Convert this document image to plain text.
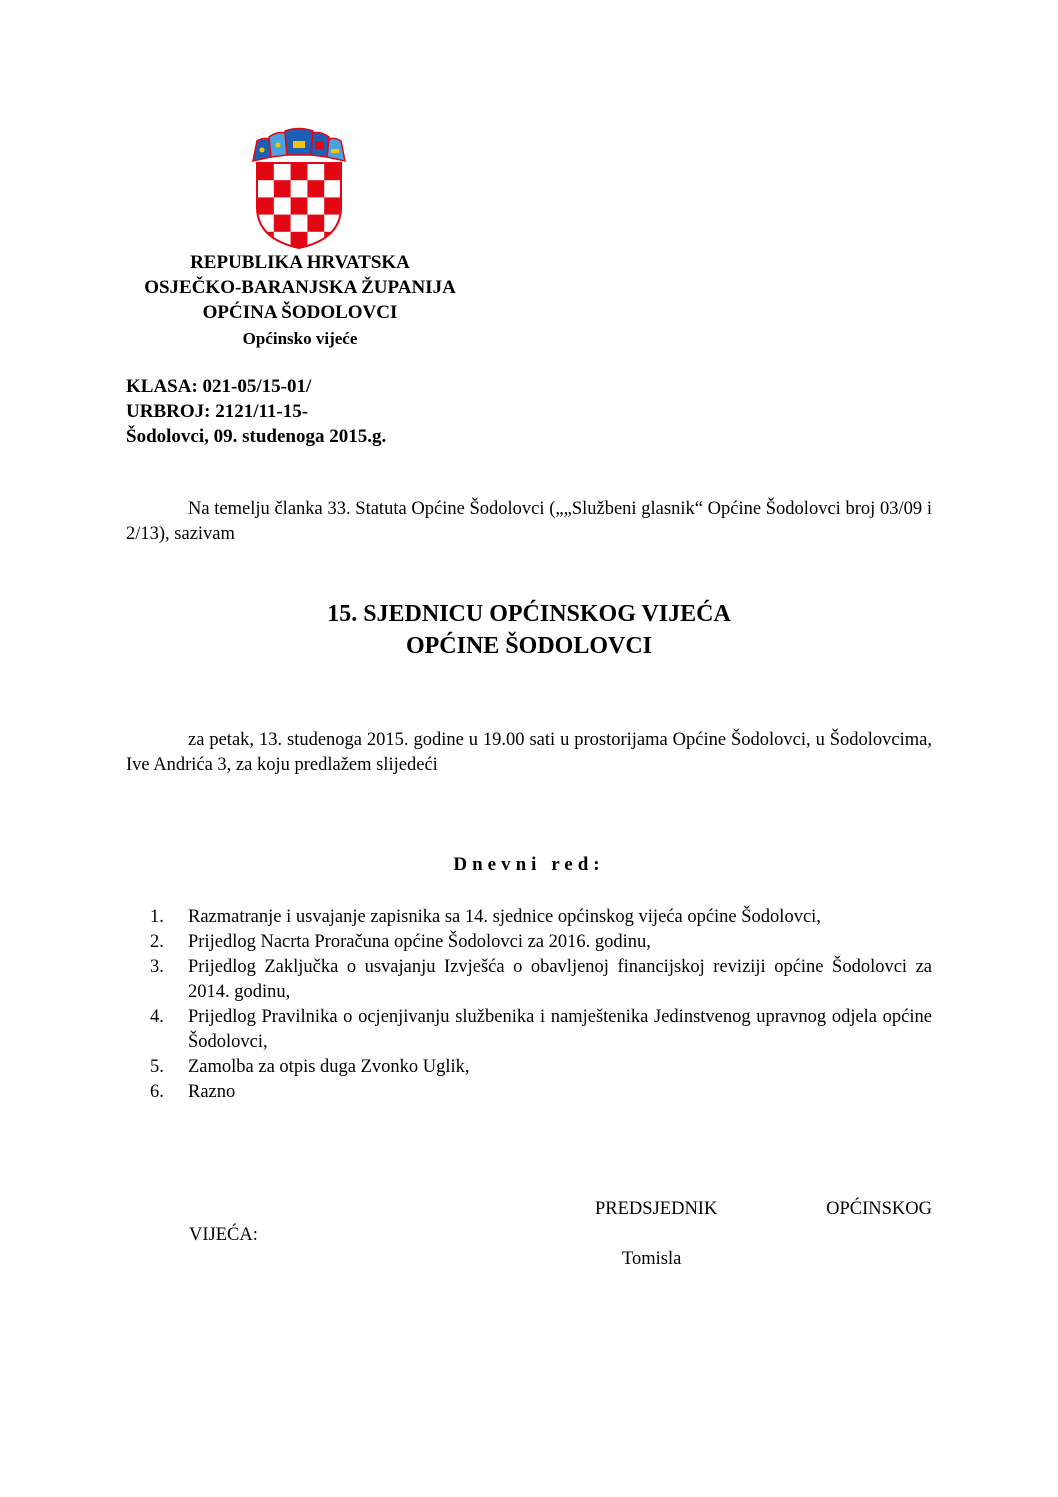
REPUBLIKA HRVATSKA
OSJEČKO-BARANJSKA ŽUPANIJA
OPĆINA ŠODOLOVCI
Općinsko vijeće
KLASA: 021-05/15-01/
URBROJ: 2121/11-15-
Šodolovci, 09. studenoga 2015.g.
Na temelju članka 33. Statuta Općine Šodolovci („„Službeni glasnik“ Općine Šodolovci broj 03/09 i 2/13), sazivam
15. SJEDNICU OPĆINSKOG VIJEĆA
OPĆINE ŠODOLOVCI
za petak, 13. studenoga 2015. godine u 19.00 sati u prostorijama Općine Šodolovci, u Šodolovcima, Ive Andrića 3, za koju predlažem slijedeći
Dnevni red:
1.	Razmatranje i usvajanje zapisnika sa 14. sjednice općinskog vijeća općine Šodolovci,
2.	Prijedlog Nacrta Proračuna općine Šodolovci za 2016. godinu,
3.	Prijedlog Zaključka o usvajanju Izvješća o obavljenoj financijskoj reviziji općine Šodolovci za 2014. godinu,
4.	Prijedlog Pravilnika o ocjenjivanju službenika i namještenika Jedinstvenog upravnog odjela općine Šodolovci,
5.	Zamolba za otpis duga Zvonko Uglik,
6.	Razno
PREDSJEDNIK	OPĆINSKOG
VIJEĆA:
Tomisla
